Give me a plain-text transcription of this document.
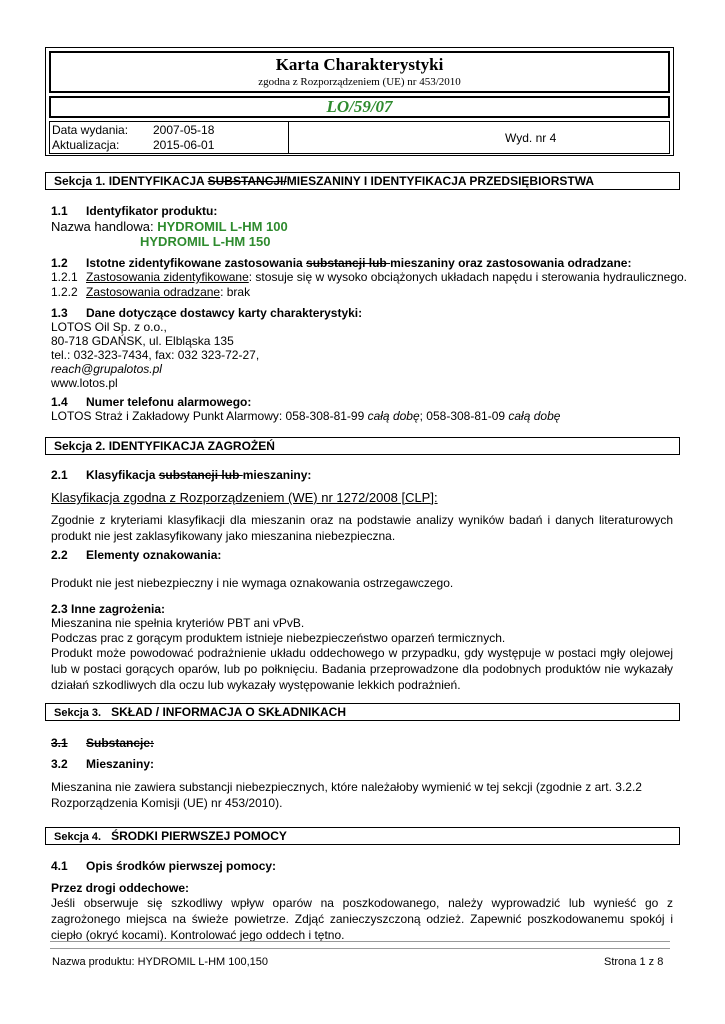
Karta Charakterystyki
zgodna z Rozporządzeniem (UE) nr 453/2010
LO/59/07
Data wydania: 2007-05-18
Aktualizacja:	2015-06-01	Wyd. nr 4
Sekcja 1. IDENTYFIKACJA SUBSTANCJI/MIESZANINY I IDENTYFIKACJA PRZEDSIĘBIORSTWA
1.1 Identyfikator produktu:
Nazwa handlowa: HYDROMIL L-HM 100
HYDROMIL L-HM 150
1.2 Istotne zidentyfikowane zastosowania substancji lub mieszaniny oraz zastosowania odradzane:
1.2.1 Zastosowania zidentyfikowane: stosuje się w wysoko obciążonych układach napędu i sterowania hydraulicznego.
1.2.2 Zastosowania odradzane: brak
1.3 Dane dotyczące dostawcy karty charakterystyki:
LOTOS Oil Sp. z o.o.,
80-718 GDAŃSK, ul. Elbląska 135
tel.: 032-323-7434, fax: 032 323-72-27,
reach@grupalotos.pl
www.lotos.pl
1.4 Numer telefonu alarmowego:
LOTOS Straż i Zakładowy Punkt Alarmowy: 058-308-81-99 całą dobę; 058-308-81-09 całą dobę
Sekcja 2. IDENTYFIKACJA ZAGROŻEŃ
2.1 Klasyfikacja substancji lub mieszaniny:
Klasyfikacja zgodna z Rozporządzeniem (WE) nr 1272/2008 [CLP]:
Zgodnie z kryteriami klasyfikacji dla mieszanin oraz na podstawie analizy wyników badań i danych literaturowych produkt nie jest zaklasyfikowany jako mieszanina niebezpieczna.
2.2 Elementy oznakowania:
Produkt nie jest niebezpieczny i nie wymaga oznakowania ostrzegawczego.
2.3 Inne zagrożenia:
Mieszanina nie spełnia kryteriów PBT ani vPvB.
Podczas prac z gorącym produktem istnieje niebezpieczeństwo oparzeń termicznych.
Produkt może powodować podrażnienie układu oddechowego w przypadku, gdy występuje w postaci mgły olejowej lub w postaci gorących oparów, lub po połknięciu. Badania przeprowadzone dla podobnych produktów nie wykazały działań szkodliwych dla oczu lub wykazały występowanie lekkich podrażnień.
Sekcja 3. SKŁAD / INFORMACJA O SKŁADNIKACH
3.1 Substancje:
3.2 Mieszaniny:
Mieszanina nie zawiera substancji niebezpiecznych, które należałoby wymienić w tej sekcji (zgodnie z art. 3.2.2 Rozporządzenia Komisji (UE) nr 453/2010).
Sekcja 4. ŚRODKI PIERWSZEJ POMOCY
4.1 Opis środków pierwszej pomocy:
Przez drogi oddechowe:
Jeśli obserwuje się szkodliwy wpływ oparów na poszkodowanego, należy wyprowadzić lub wynieść go z zagrożonego miejsca na świeże powietrze. Zdjąć zanieczyszczoną odzież. Zapewnić poszkodowanemu spokój i ciepło (okryć kocami). Kontrolować jego oddech i tętno.
Nazwa produktu: HYDROMIL L-HM 100,150	Strona 1 z 8
